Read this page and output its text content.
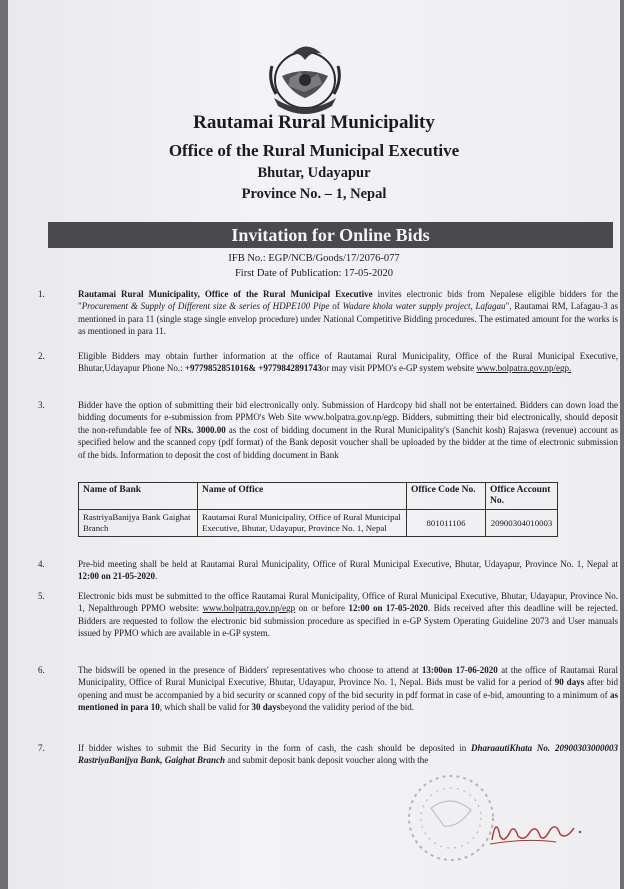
Rautamai Rural Municipality
Office of the Rural Municipal Executive
Bhutar, Udayapur
Province No. – 1, Nepal
Invitation for Online Bids
IFB No.: EGP/NCB/Goods/17/2076-077
First Date of Publication: 17-05-2020
1.	Rautamai Rural Municipality, Office of the Rural Municipal Executive invites electronic bids from Nepalese eligible bidders for the "Procurement & Supply of Different size & series of HDPE100 Pipe of Wadare khola water supply project, Lafagau", Rautamai RM, Lafagau-3 as mentioned in para 11 (single stage single envelop procedure) under National Competitive Bidding procedures. The estimated amount for the works is as mentioned in para 11.
2.	Eligible Bidders may obtain further information at the office of Rautamai Rural Municipality, Office of the Rural Municipal Executive, Bhutar,Udayapur Phone No.: +9779852851016& +9779842891743or may visit PPMO's e-GP system website www.bolpatra.gov.np/egp.
3.	Bidder have the option of submitting their bid electronically only. Submission of Hardcopy bid shall not be entertained. Bidders can down load the bidding documents for e-submission from PPMO's Web Site www.bolpatra.gov.np/egp. Bidders, submitting their bid electronically, should deposit the non-refundable fee of NRs. 3000.00 as the cost of bidding document in the Rural Municipality's (Sanchit kosh) Rajaswa (revenue) account as specified below and the scanned copy (pdf format) of the Bank deposit voucher shall be uploaded by the bidder at the time of electronic submission of the bids. Information to deposit the cost of bidding document in Bank
Name of Bank	Name of Office	Office Code No.	Office Account No.
RastriyaBanijya Bank Gaighat Branch	Rautamai Rural Municipality, Office of Rural Municipal Executive, Bhutar, Udayapur, Province No. 1, Nepal	801011106	20900304010003
4.	Pre-bid meeting shall be held at Rautamai Rural Municipality, Office of Rural Municipal Executive, Bhutar, Udayapur, Province No. 1, Nepal at 12:00 on 21-05-2020.
5.	Electronic bids must be submitted to the office Rautamai Rural Municipality, Office of Rural Municipal Executive, Bhutar, Udayapur, Province No. 1, Nepalthrough PPMO website: www.bolpatra.gov.np/egp on or before 12:00 on 17-05-2020. Bids received after this deadline will be rejected. Bidders are requested to follow the electronic bid submission procedure as specified in e-GP System Operating Guideline 2073 and User manuals issued by PPMO which are available in e-GP system.
6.	The bidswill be opened in the presence of Bidders' representatives who choose to attend at 13:00on 17-06-2020 at the office of Rautamai Rural Municipality, Office of Rural Municipal Executive, Bhutar, Udayapur, Province No. 1, Nepal. Bids must be valid for a period of 90 days after bid opening and must be accompanied by a bid security or scanned copy of the bid security in pdf format in case of e-bid, amounting to a minimum of as mentioned in para 10, which shall be valid for 30 daysbeyond the validity period of the bid.
7.	If bidder wishes to submit the Bid Security in the form of cash, the cash should be deposited in DharaautiKhata No. 20900303000003 RastriyaBanijya Bank, Gaighat Branch and submit deposit bank deposit voucher along with the
